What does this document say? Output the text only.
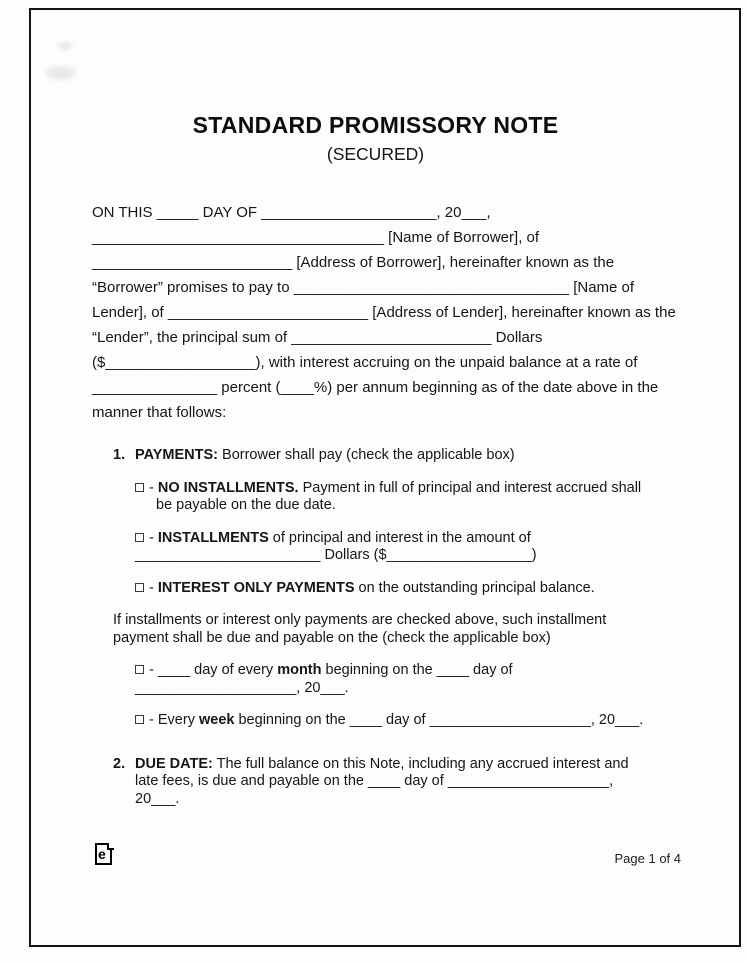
STANDARD PROMISSORY NOTE
(SECURED)
ON THIS _____ DAY OF _____________________, 20___,
___________________________________ [Name of Borrower], of
________________________ [Address of Borrower], hereinafter known as the
“Borrower” promises to pay to _________________________________ [Name of
Lender], of ________________________ [Address of Lender], hereinafter known as the
“Lender”, the principal sum of ________________________ Dollars
($__________________), with interest accruing on the unpaid balance at a rate of
_______________ percent (____%) per annum beginning as of the date above in the
manner that follows:
1. PAYMENTS: Borrower shall pay (check the applicable box)
- NO INSTALLMENTS. Payment in full of principal and interest accrued shall
be payable on the due date.
- INSTALLMENTS of principal and interest in the amount of
_______________________ Dollars ($__________________)
- INTEREST ONLY PAYMENTS on the outstanding principal balance.
If installments or interest only payments are checked above, such installment
payment shall be due and payable on the (check the applicable box)
- ____ day of every month beginning on the ____ day of
____________________, 20___.
- Every week beginning on the ____ day of ____________________, 20___.
2. DUE DATE: The full balance on this Note, including any accrued interest and
late fees, is due and payable on the ____ day of ____________________,
20___.
e	Page 1 of 4
